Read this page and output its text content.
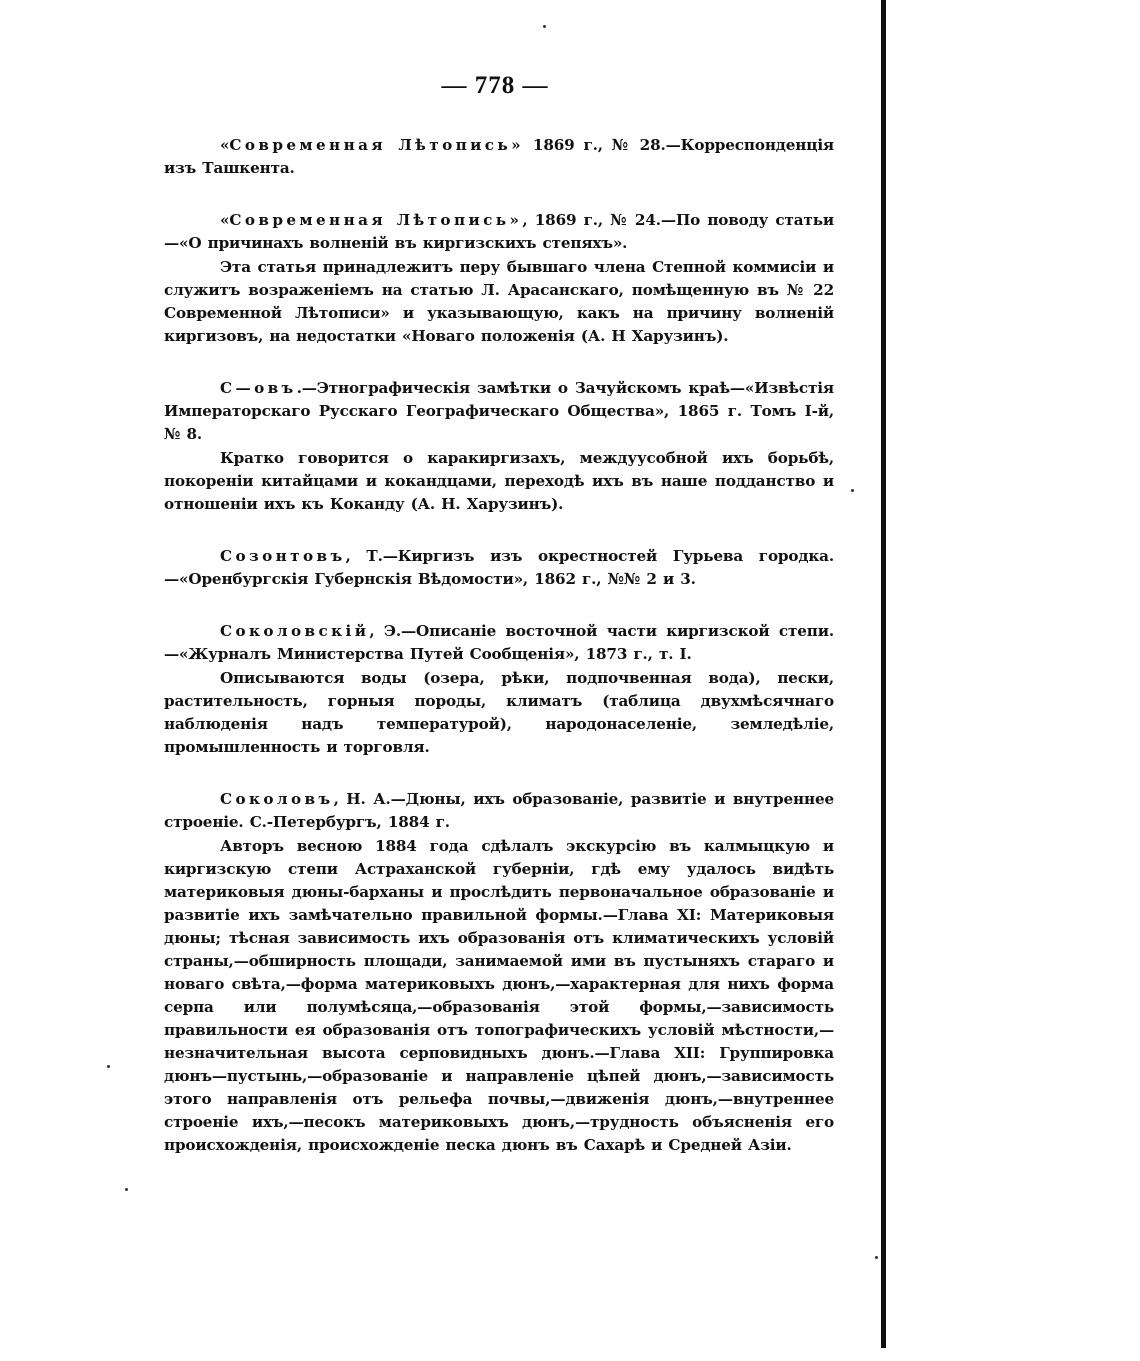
— 778 —

«Современная Лѣтопись» 1869 г., № 28.—Корреспонденція изъ Ташкента.

«Современная Лѣтопись», 1869 г., № 24.—По поводу статьи—«О причинахъ волненій въ киргизскихъ степяхъ».

Эта статья принадлежитъ перу бывшаго члена Степной коммисіи и служитъ возраженіемъ на статью Л. Арасанскаго, помѣщенную въ № 22 Современной Лѣтописи» и указывающую, какъ на причину волненій киргизовъ, на недостатки «Новаго положенія (А. Н Харузинъ).

С—овъ.—Этнографическія замѣтки о Зачуйскомъ краѣ—«Извѣстія Императорскаго Русскаго Географическаго Общества», 1865 г. Томъ I-й, № 8.

Кратко говорится о каракиргизахъ, междуусобной ихъ борьбѣ, покореніи китайцами и кокандцами, переходѣ ихъ въ наше подданство и отношеніи ихъ къ Коканду (А. Н. Харузинъ).

Созонтовъ, Т.—Киргизъ изъ окрестностей Гурьева городка.—«Оренбургскія Губернскія Вѣдомости», 1862 г., №№ 2 и 3.

Соколовскій, Э.—Описаніе восточной части киргизской степи.—«Журналъ Министерства Путей Сообщенія», 1873 г., т. I.

Описываются воды (озера, рѣки, подпочвенная вода), пески, растительность, горныя породы, климатъ (таблица двухмѣсячнаго наблюденія надъ температурой), народонаселеніе, земледѣліе, промышленность и торговля.

Соколовъ, Н. А.—Дюны, ихъ образованіе, развитіе и внутреннее строеніе. С.-Петербургъ, 1884 г.

Авторъ весною 1884 года сдѣлалъ экскурсію въ калмыцкую и киргизскую степи Астраханской губерніи, гдѣ ему удалось видѣть материковыя дюны-барханы и прослѣдить первоначальное образованіе и развитіе ихъ замѣчательно правильной формы.—Глава XI: Материковыя дюны; тѣсная зависимость ихъ образованія отъ климатическихъ условій страны,—обширность площади, занимаемой ими въ пустыняхъ стараго и новаго свѣта,—форма материковыхъ дюнъ,—характерная для нихъ форма серпа или полумѣсяца,—образованія этой формы,—зависимость правильности ея образованія отъ топографическихъ условій мѣстности,—незначительная высота серповидныхъ дюнъ.—Глава XII: Группировка дюнъ—пустынь,—образованіе и направленіе цѣпей дюнъ,—зависимость этого направленія отъ рельефа почвы,—движенія дюнъ,—внутреннее строеніе ихъ,—песокъ материковыхъ дюнъ,—трудность объясненія его происхожденія, происхожденіе песка дюнъ въ Сахарѣ и Средней Азіи.
